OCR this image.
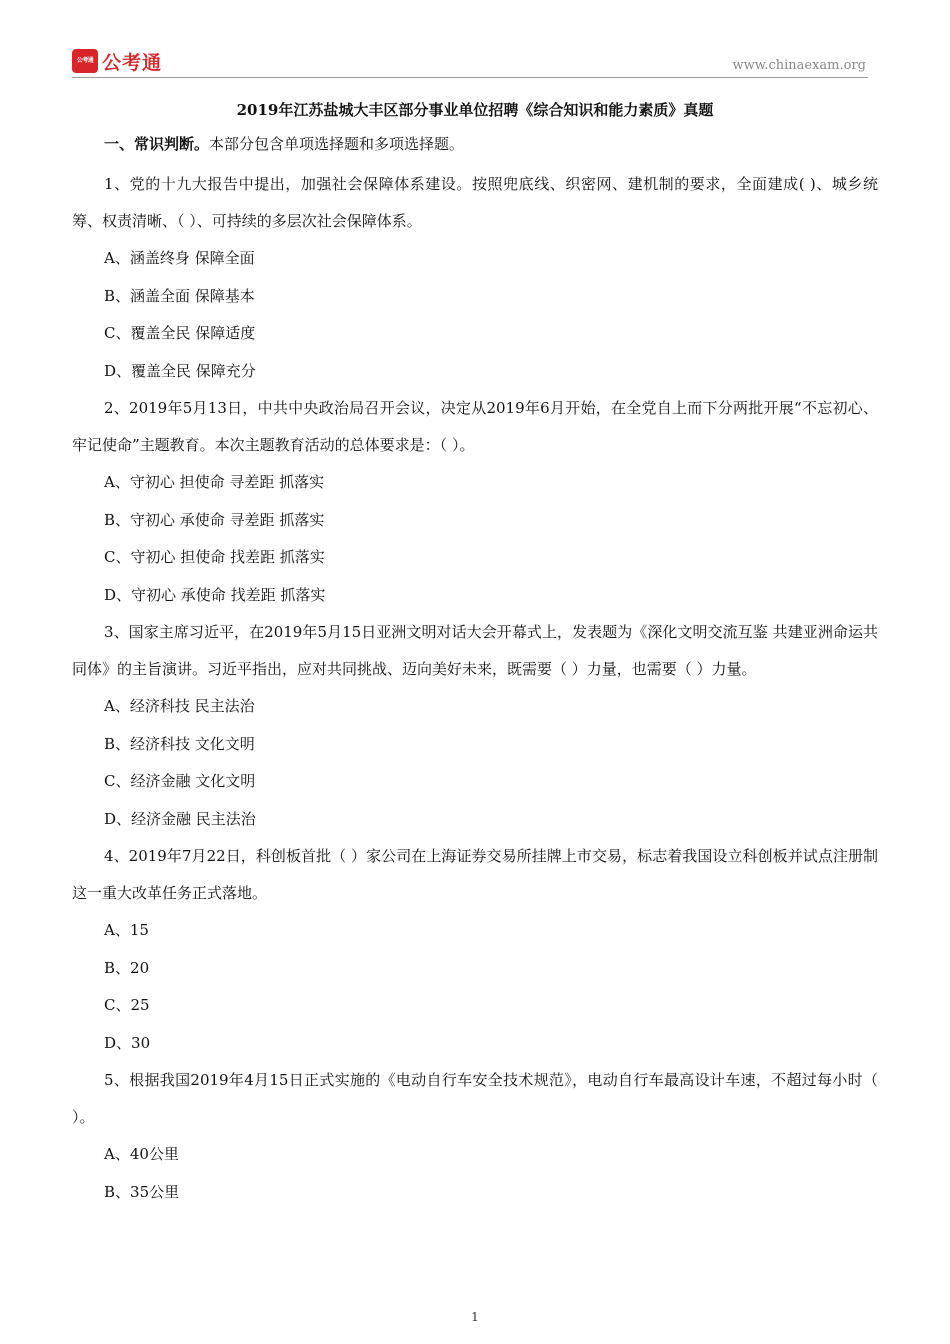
公考通 公考通	www.chinaexam.org
2019年江苏盐城大丰区部分事业单位招聘《综合知识和能力素质》真题
一、常识判断。本部分包含单项选择题和多项选择题。

1、党的十九大报告中提出，加强社会保障体系建设。按照兜底线、织密网、建机制的要求，全面建成( )、城乡统筹、权责清晰、（ ）、可持续的多层次社会保障体系。

A、涵盖终身 保障全面

B、涵盖全面 保障基本

C、覆盖全民 保障适度

D、覆盖全民 保障充分

2、2019年5月13日，中共中央政治局召开会议，决定从2019年6月开始，在全党自上而下分两批开展“不忘初心、牢记使命”主题教育。本次主题教育活动的总体要求是：（ ）。

A、守初心 担使命 寻差距 抓落实

B、守初心 承使命 寻差距 抓落实

C、守初心 担使命 找差距 抓落实

D、守初心 承使命 找差距 抓落实

3、国家主席习近平，在2019年5月15日亚洲文明对话大会开幕式上，发表题为《深化文明交流互鉴 共建亚洲命运共同体》的主旨演讲。习近平指出，应对共同挑战、迈向美好未来，既需要（ ）力量，也需要（ ）力量。

A、经济科技 民主法治

B、经济科技 文化文明

C、经济金融 文化文明

D、经济金融 民主法治

4、2019年7月22日，科创板首批（ ）家公司在上海证券交易所挂牌上市交易，标志着我国设立科创板并试点注册制这一重大改革任务正式落地。

A、15

B、20

C、25

D、30

5、根据我国2019年4月15日正式实施的《电动自行车安全技术规范》，电动自行车最高设计车速，不超过每小时（ ）。

A、40公里

B、35公里

1
